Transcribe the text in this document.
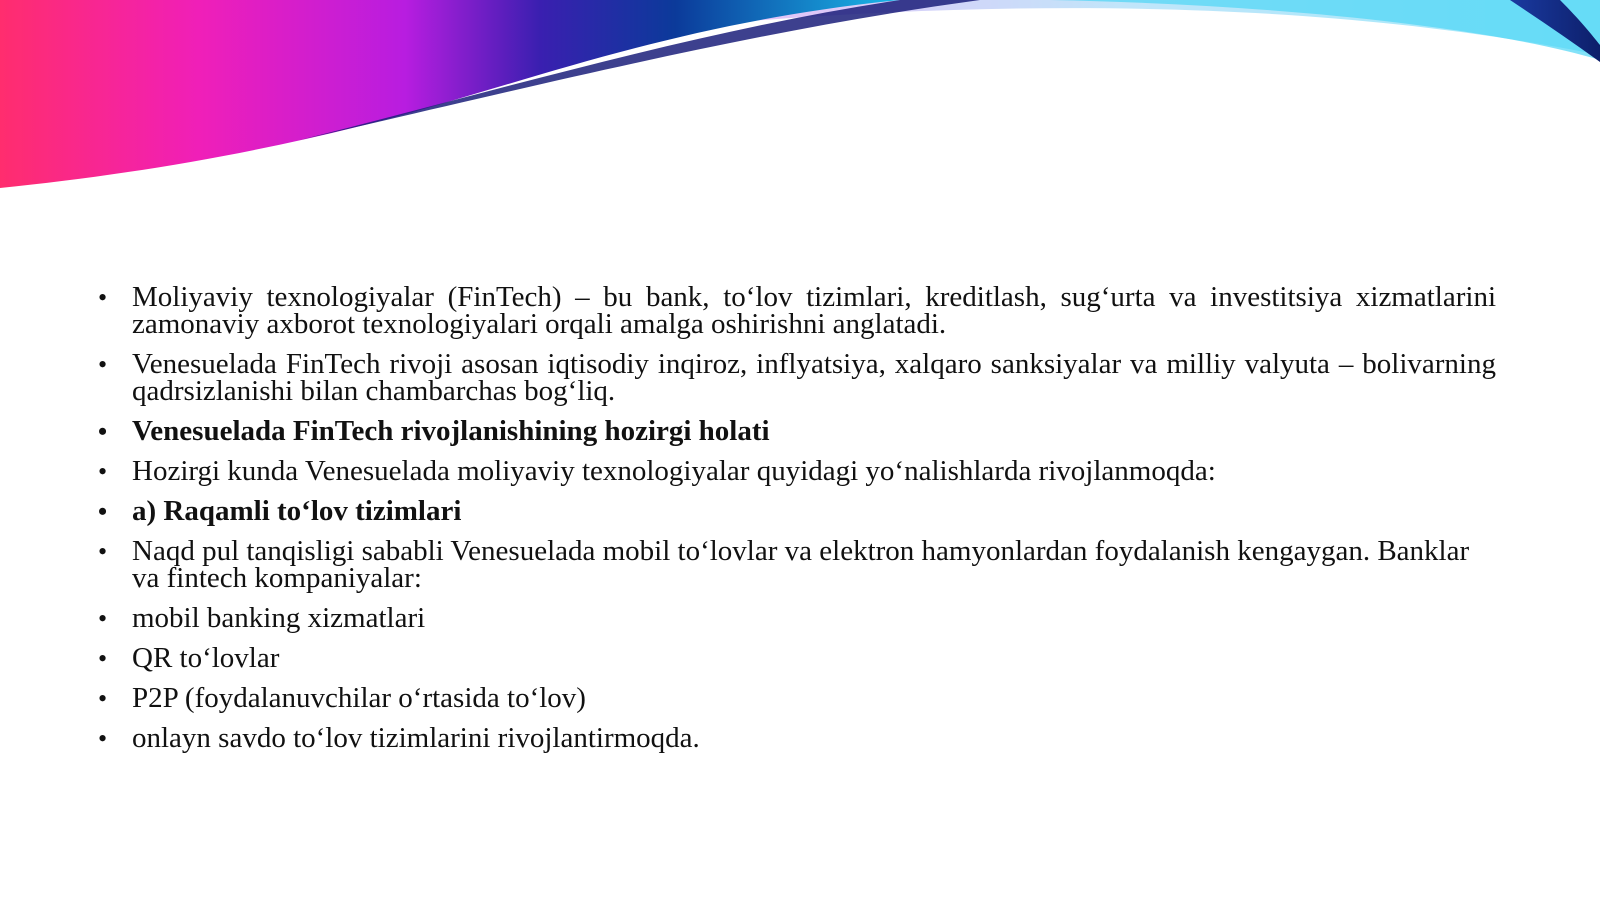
• Moliyaviy texnologiyalar (FinTech) – bu bank, to‘lov tizimlari, kreditlash, sug‘urta va investitsiya xizmatlarini zamonaviy axborot texnologiyalari orqali amalga oshirishni anglatadi.
• Venesuelada FinTech rivoji asosan iqtisodiy inqiroz, inflyatsiya, xalqaro sanksiyalar va milliy valyuta – bolivarning qadrsizlanishi bilan chambarchas bog‘liq.
• Venesuelada FinTech rivojlanishining hozirgi holati
• Hozirgi kunda Venesuelada moliyaviy texnologiyalar quyidagi yo‘nalishlarda rivojlanmoqda:
• a) Raqamli to‘lov tizimlari
• Naqd pul tanqisligi sababli Venesuelada mobil to‘lovlar va elektron hamyonlardan foydalanish kengaygan. Banklar va fintech kompaniyalar:
• mobil banking xizmatlari
• QR to‘lovlar
• P2P (foydalanuvchilar o‘rtasida to‘lov)
• onlayn savdo to‘lov tizimlarini rivojlantirmoqda.
